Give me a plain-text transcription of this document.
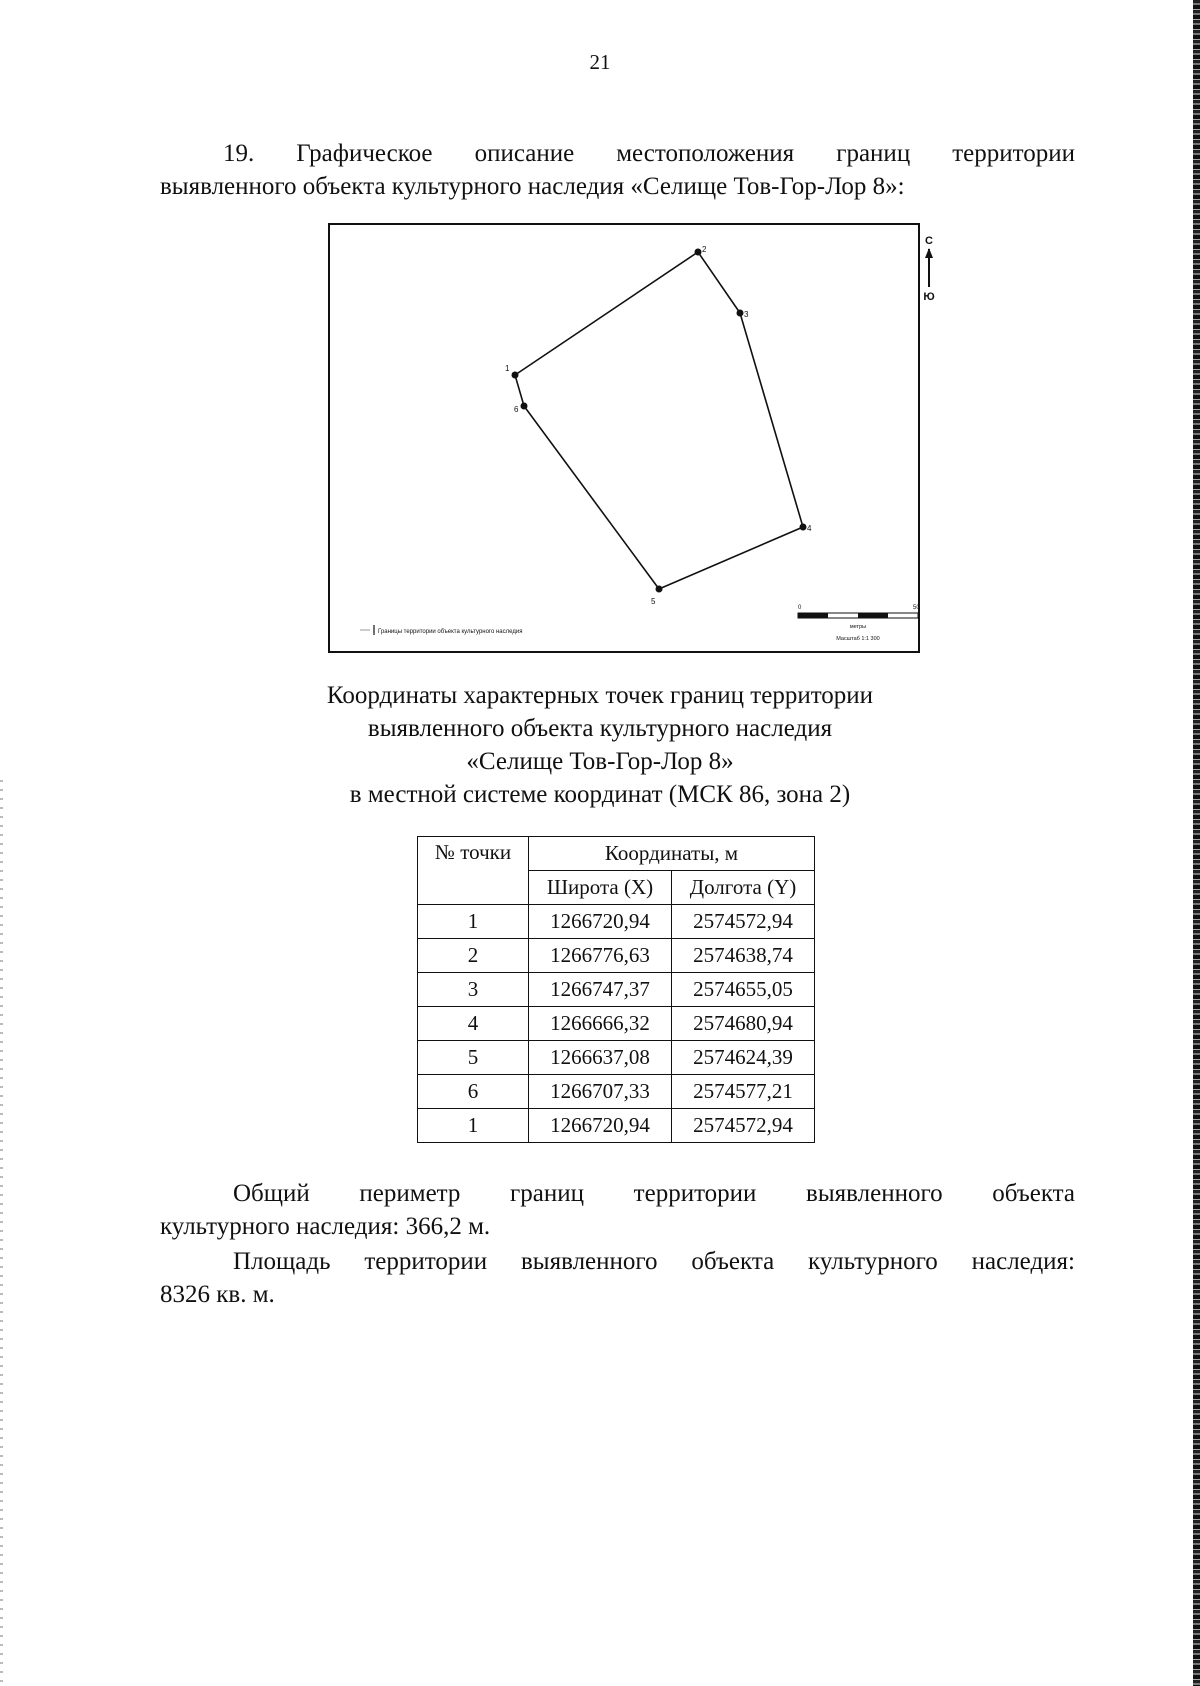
21
19. Графическое описание местоположения границ территории
выявленного объекта культурного наследия «Селище Тов-Гор-Лор 8»:
1
2
3
4
5
6
С
Ю
Границы территории объекта культурного наследия
0	50
метры
Масштаб 1:1 300
Координаты характерных точек границ территории
выявленного объекта культурного наследия
«Селище Тов-Гор-Лор 8»
в местной системе координат (МСК 86, зона 2)
№ точки	Координаты, м	
	Широта (X)	Долгота (Y)
1	1266720,94	2574572,94
2	1266776,63	2574638,74
3	1266747,37	2574655,05
4	1266666,32	2574680,94
5	1266637,08	2574624,39
6	1266707,33	2574577,21
1	1266720,94	2574572,94
Общий периметр границ территории выявленного объекта
культурного наследия: 366,2 м.
Площадь территории выявленного объекта культурного наследия:
8326 кв. м.
